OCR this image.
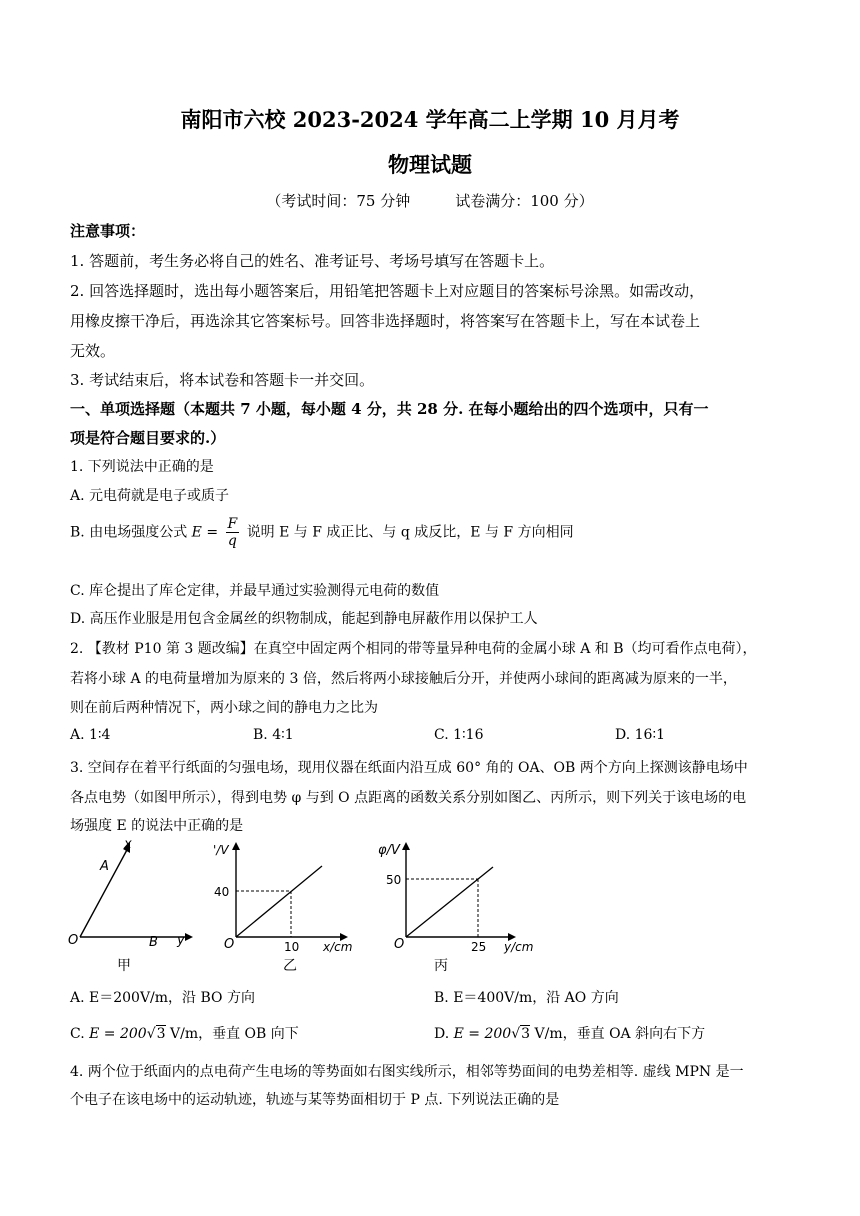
南阳市六校 2023-2024 学年高二上学期 10 月月考
物理试题
（考试时间：75 分钟　　　试卷满分：100 分）
注意事项：
1. 答题前，考生务必将自己的姓名、准考证号、考场号填写在答题卡上。
2. 回答选择题时，选出每小题答案后，用铅笔把答题卡上对应题目的答案标号涂黑。如需改动，
用橡皮擦干净后，再选涂其它答案标号。回答非选择题时，将答案写在答题卡上，写在本试卷上
无效。
3. 考试结束后，将本试卷和答题卡一并交回。
一、单项选择题（本题共 7 小题，每小题 4 分，共 28 分. 在每小题给出的四个选项中，只有一
项是符合题目要求的.）
1. 下列说法中正确的是
A. 元电荷就是电子或质子
B. 由电场强度公式 $E = \frac{F}{q}$ 说明 E 与 F 成正比、与 q 成反比，E 与 F 方向相同
C. 库仑提出了库仑定律，并最早通过实验测得元电荷的数值
D. 高压作业服是用包含金属丝的织物制成，能起到静电屏蔽作用以保护工人
2. 【教材 P10 第 3 题改编】在真空中固定两个相同的带等量异种电荷的金属小球 A 和 B（均可看作点电荷），
若将小球 A 的电荷量增加为原来的 3 倍，然后将两小球接触后分开，并使两小球间的距离减为原来的一半，
则在前后两种情况下，两小球之间的静电力之比为
A. 1∶4	B. 4∶1	C. 1∶16	D. 16∶1
3. 空间存在着平行纸面的匀强电场，现用仪器在纸面内沿互成 60° 角的 OA、OB 两个方向上探测该静电场中
各点电势（如图甲所示），得到电势 φ 与到 O 点距离的函数关系分别如图乙、丙所示，则下列关于该电场的电
场强度 E 的说法中正确的是
x
A
O	B y
甲
'/V
40
O	10 x/cm
乙
φ/V
50
O	25 y/cm
丙
A. E＝200V/m，沿 BO 方向	B. E＝400V/m，沿 AO 方向
C. E = 200√3 V/m，垂直 OB 向下	D. E = 200√3 V/m，垂直 OA 斜向右下方
4. 两个位于纸面内的点电荷产生电场的等势面如右图实线所示，相邻等势面间的电势差相等. 虚线 MPN 是一
个电子在该电场中的运动轨迹，轨迹与某等势面相切于 P 点. 下列说法正确的是
